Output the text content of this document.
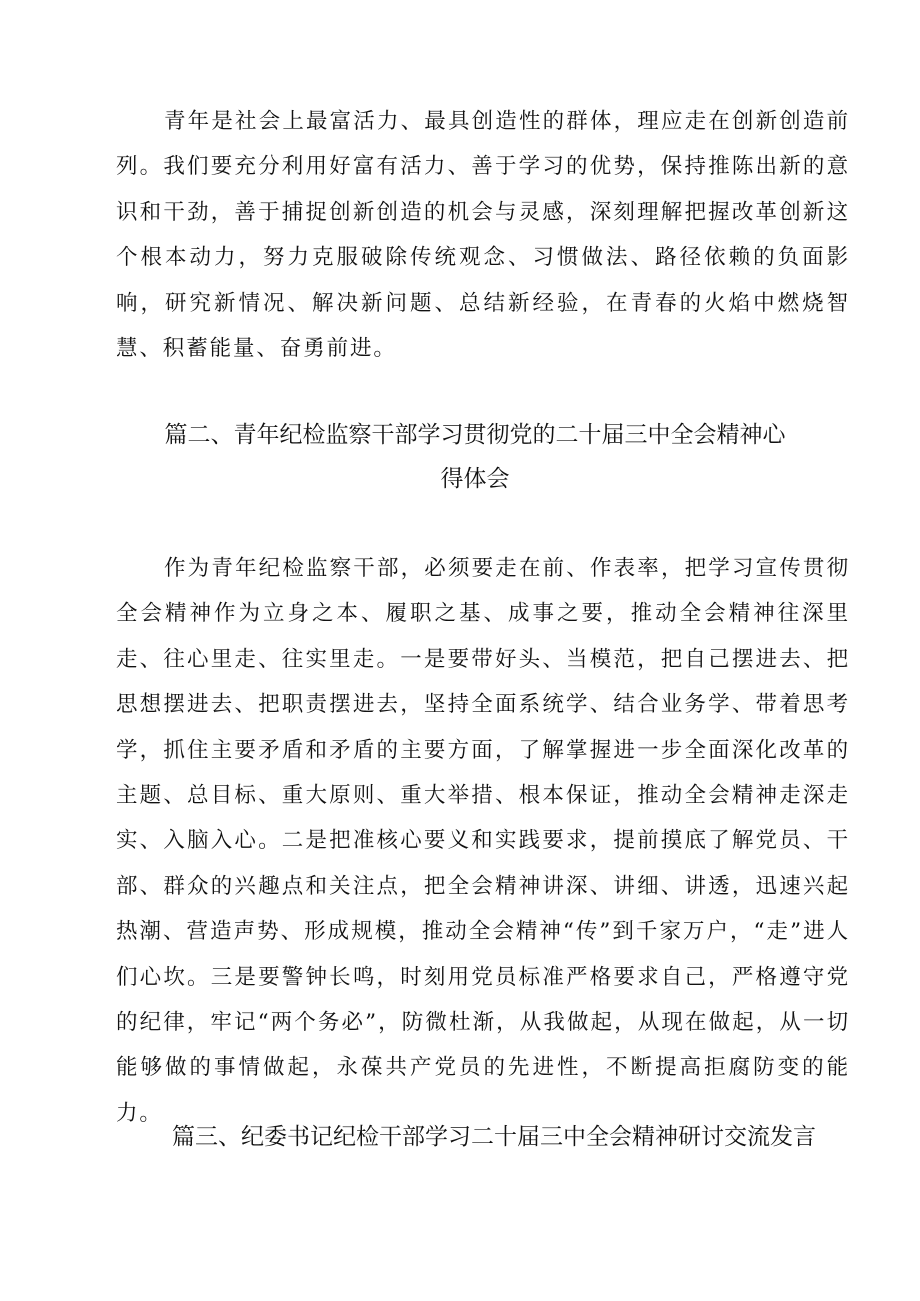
青年是社会上最富活力、最具创造性的群体，理应走在创新创造前列。我们要充分利用好富有活力、善于学习的优势，保持推陈出新的意识和干劲，善于捕捉创新创造的机会与灵感，深刻理解把握改革创新这个根本动力，努力克服破除传统观念、习惯做法、路径依赖的负面影响，研究新情况、解决新问题、总结新经验，在青春的火焰中燃烧智慧、积蓄能量、奋勇前进。

篇二、青年纪检监察干部学习贯彻党的二十届三中全会精神心得体会

作为青年纪检监察干部，必须要走在前、作表率，把学习宣传贯彻全会精神作为立身之本、履职之基、成事之要，推动全会精神往深里走、往心里走、往实里走。一是要带好头、当模范，把自己摆进去、把思想摆进去、把职责摆进去，坚持全面系统学、结合业务学、带着思考学，抓住主要矛盾和矛盾的主要方面，了解掌握进一步全面深化改革的主题、总目标、重大原则、重大举措、根本保证，推动全会精神走深走实、入脑入心。二是把准核心要义和实践要求，提前摸底了解党员、干部、群众的兴趣点和关注点，把全会精神讲深、讲细、讲透，迅速兴起热潮、营造声势、形成规模，推动全会精神“传”到千家万户，“走”进人们心坎。三是要警钟长鸣，时刻用党员标准严格要求自己，严格遵守党的纪律，牢记“两个务必”，防微杜渐，从我做起，从现在做起，从一切能够做的事情做起，永葆共产党员的先进性，不断提高拒腐防变的能力。

篇三、纪委书记纪检干部学习二十届三中全会精神研讨交流发言
